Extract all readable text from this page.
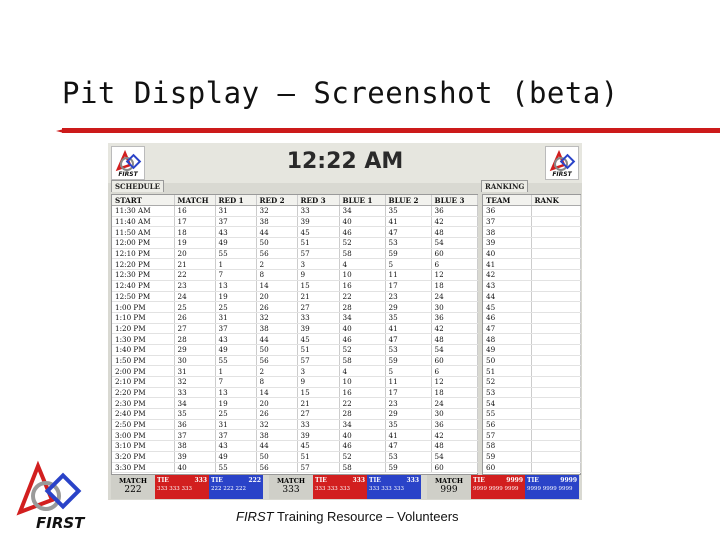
Pit Display – Screenshot (beta)
FIRST
12:22 AM
FIRST
SCHEDULE	RANKING
START	MATCH	RED 1	RED 2	RED 3	BLUE 1	BLUE 2	BLUE 3
11:30 AM	16	31	32	33	34	35	36
11:40 AM	17	37	38	39	40	41	42
11:50 AM	18	43	44	45	46	47	48
12:00 PM	19	49	50	51	52	53	54
12:10 PM	20	55	56	57	58	59	60
12:20 PM	21	1	2	3	4	5	6
12:30 PM	22	7	8	9	10	11	12
12:40 PM	23	13	14	15	16	17	18
12:50 PM	24	19	20	21	22	23	24
1:00 PM	25	25	26	27	28	29	30
1:10 PM	26	31	32	33	34	35	36
1:20 PM	27	37	38	39	40	41	42
1:30 PM	28	43	44	45	46	47	48
1:40 PM	29	49	50	51	52	53	54
1:50 PM	30	55	56	57	58	59	60
2:00 PM	31	1	2	3	4	5	6
2:10 PM	32	7	8	9	10	11	12
2:20 PM	33	13	14	15	16	17	18
2:30 PM	34	19	20	21	22	23	24
2:40 PM	35	25	26	27	28	29	30
2:50 PM	36	31	32	33	34	35	36
3:00 PM	37	37	38	39	40	41	42
3:10 PM	38	43	44	45	46	47	48
3:20 PM	39	49	50	51	52	53	54
3:30 PM	40	55	56	57	58	59	60
TEAM	RANK
36	
37	
38	
39	
40	
41	
42	
43	
44	
45	
46	
47	
48	
49	
50	
51	
52	
53	
54	
55	
56	
57	
58	
59	
60	
MATCH
222
TIE	333
333 333 333
TIE	222
222 222 222
MATCH
333
TIE	333
333 333 333
TIE	333
333 333 333
MATCH
999
TIE	9999
9999 9999 9999
TIE	9999
9999 9999 9999
FIRST	FIRST Training Resource – Volunteers
